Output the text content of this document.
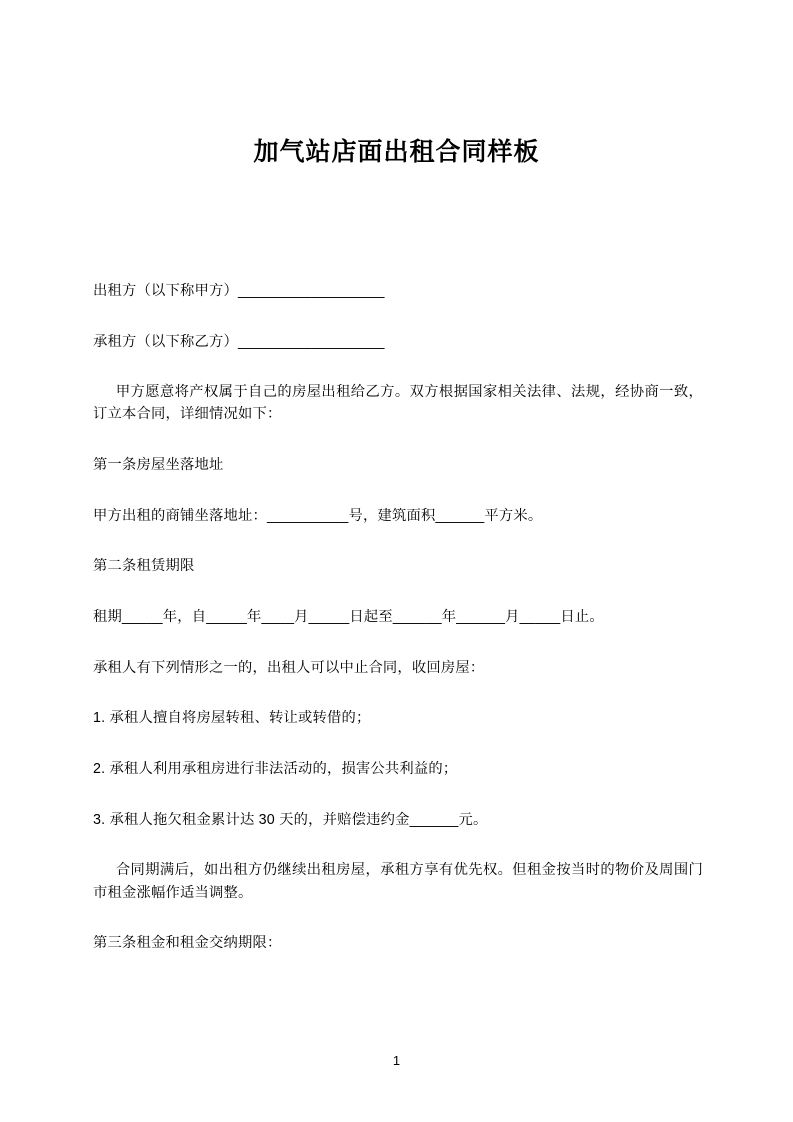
加气站店面出租合同样板

出租方（以下称甲方）__________________

承租方（以下称乙方）__________________

甲方愿意将产权属于自己的房屋出租给乙方。双方根据国家相关法律、法规，经协商一致，订立本合同，详细情况如下：

第一条房屋坐落地址

甲方出租的商铺坐落地址：__________号，建筑面积______平方米。

第二条租赁期限

租期_____年，自_____年____月_____日起至______年______月_____日止。

承租人有下列情形之一的，出租人可以中止合同，收回房屋：

1. 承租人擅自将房屋转租、转让或转借的；

2. 承租人利用承租房进行非法活动的，损害公共利益的；

3. 承租人拖欠租金累计达 30 天的，并赔偿违约金______元。

合同期满后，如出租方仍继续出租房屋，承租方享有优先权。但租金按当时的物价及周围门市租金涨幅作适当调整。

第三条租金和租金交纳期限：

1
